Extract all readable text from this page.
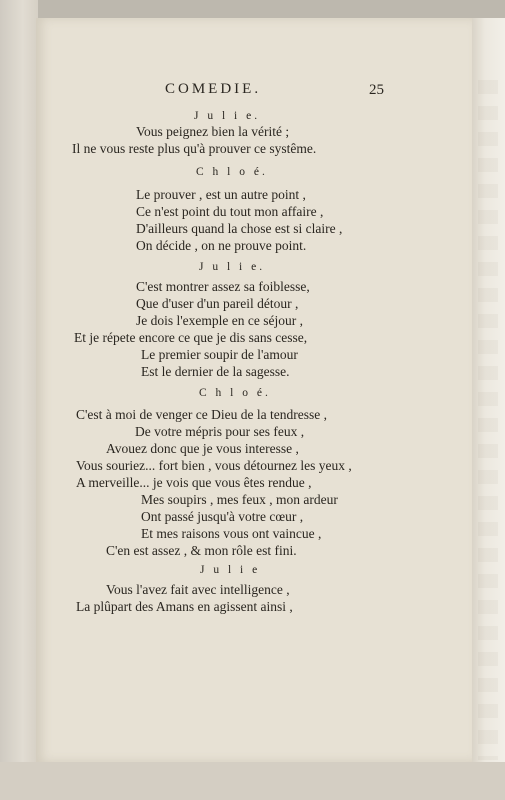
COMEDIE.	25
J u l i e.
Vous peignez bien la vérité ;
Il ne vous reste plus qu'à prouver ce systême.
C h l o é.
Le prouver , est un autre point ,
Ce n'est point du tout mon affaire ,
D'ailleurs quand la chose est si claire ,
On décide , on ne prouve point.
J u l i e.
C'est montrer assez sa foiblesse,
Que d'user d'un pareil détour ,
Je dois l'exemple en ce séjour ,
Et je répete encore ce que je dis sans cesse,
Le premier soupir de l'amour
Est le dernier de la sagesse.
C h l o é.
C'est à moi de venger ce Dieu de la tendresse ,
De votre mépris pour ses feux ,
Avouez donc que je vous interesse ,
Vous souriez... fort bien , vous détournez les yeux ,
A merveille... je vois que vous êtes rendue ,
Mes soupirs , mes feux , mon ardeur
Ont passé jusqu'à votre cœur ,
Et mes raisons vous ont vaincue ,
C'en est assez , & mon rôle est fini.
J u l i e
Vous l'avez fait avec intelligence ,
La plûpart des Amans en agissent ainsi ,
